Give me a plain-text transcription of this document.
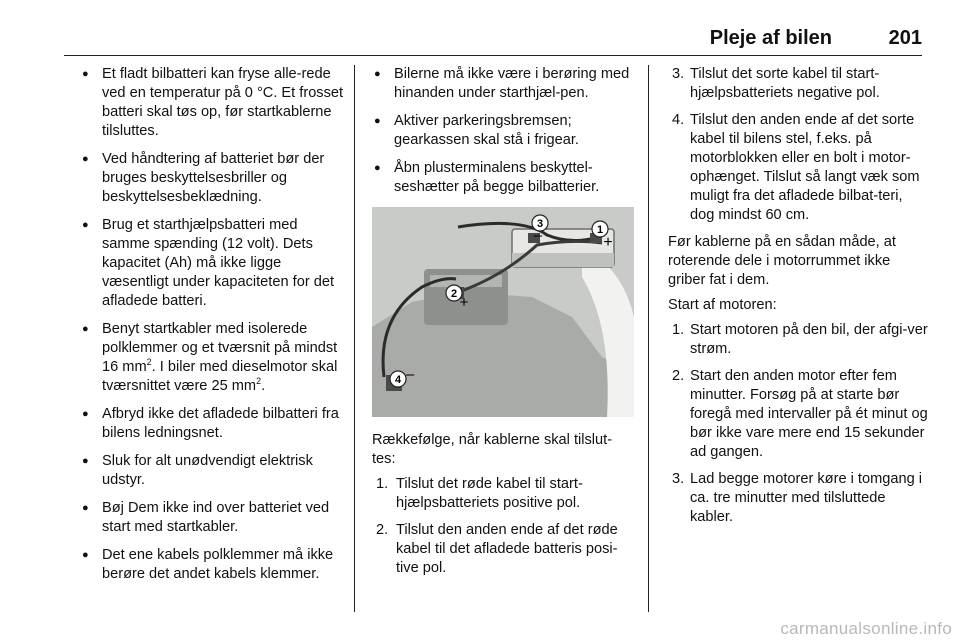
Pleje af bilen	201
● Et fladt bilbatteri kan fryse alle-rede ved en temperatur på 0 °C. Et frosset batteri skal tøs op, før startkablerne tilsluttes.
● Ved håndtering af batteriet bør der bruges beskyttelsesbriller og beskyttelsesbeklædning.
● Brug et starthjælpsbatteri med samme spænding (12 volt). Dets kapacitet (Ah) må ikke ligge væsentligt under kapaciteten for det afladede batteri.
● Benyt startkabler med isolerede polklemmer og et tværsnit på mindst 16 $mm^2$. I biler med dieselmotor skal tværsnittet være 25 $mm^2$.
● Afbryd ikke det afladede bilbatteri fra bilens ledningsnet.
● Sluk for alt unødvendigt elektrisk udstyr.
● Bøj Dem ikke ind over batteriet ved start med startkabler.
● Det ene kabels polklemmer må ikke berøre det andet kabels klemmer.
● Bilerne må ikke være i berøring med hinanden under starthjæl-pen.
● Aktiver parkeringsbremsen; gearkassen skal stå i frigear.
● Åbn plusterminalens beskyttel-seshætter på begge bilbatterier.
1
+
3
–
2 +
4 –
Rækkefølge, når kablerne skal tilslut-tes:
1. Tilslut det røde kabel til start-hjælpsbatteriets positive pol.
2. Tilslut den anden ende af det røde kabel til det afladede batteris posi-tive pol.
3. Tilslut det sorte kabel til start-hjælpsbatteriets negative pol.
4. Tilslut den anden ende af det sorte kabel til bilens stel, f.eks. på motorblokken eller en bolt i motor-ophænget. Tilslut så langt væk som muligt fra det afladede bilbat-teri, dog mindst 60 cm.
Før kablerne på en sådan måde, at roterende dele i motorrummet ikke griber fat i dem.
Start af motoren:
1. Start motoren på den bil, der afgi-ver strøm.
2. Start den anden motor efter fem minutter. Forsøg på at starte bør foregå med intervaller på ét minut og bør ikke vare mere end 15 sekunder ad gangen.
3. Lad begge motorer køre i tomgang i ca. tre minutter med tilsluttede kabler.
carmanualsonline.info
